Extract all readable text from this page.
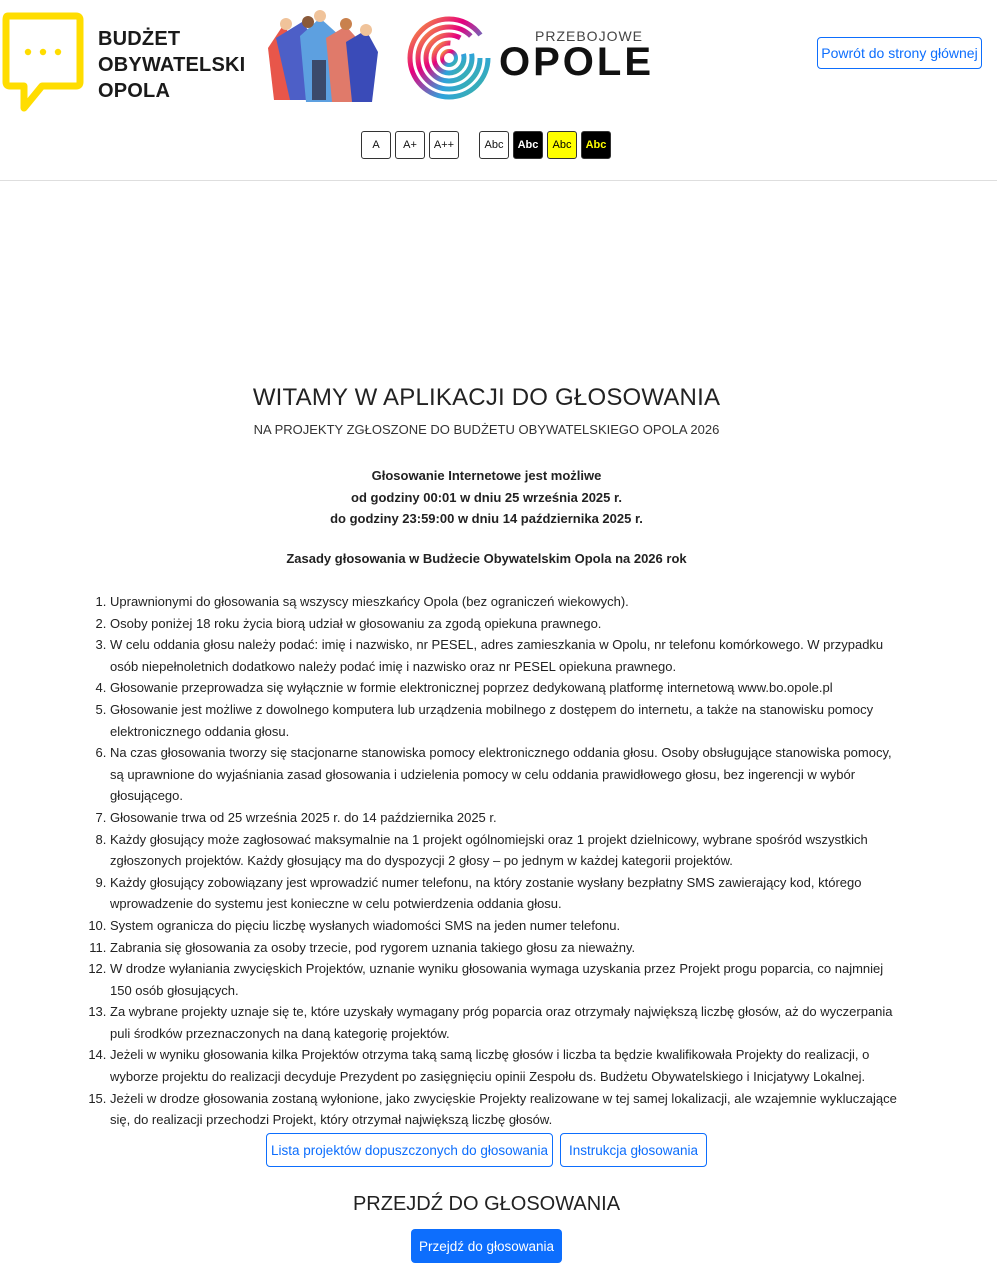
BUDŻET
OBYWATELSKI
OPOLA
PRZEBOJOWE
OPOLE	Powrót do strony głównej
A	A+	A++	Abc	Abc	Abc	Abc
WITAMY W APLIKACJI DO GŁOSOWANIA
NA PROJEKTY ZGŁOSZONE DO BUDŻETU OBYWATELSKIEGO OPOLA 2026
Głosowanie Internetowe jest możliwe
od godziny 00:01 w dniu 25 września 2025 r.
do godziny 23:59:00 w dniu 14 października 2025 r.
Zasady głosowania w Budżecie Obywatelskim Opola na 2026 rok
1. Uprawnionymi do głosowania są wszyscy mieszkańcy Opola (bez ograniczeń wiekowych).
2. Osoby poniżej 18 roku życia biorą udział w głosowaniu za zgodą opiekuna prawnego.
3. W celu oddania głosu należy podać: imię i nazwisko, nr PESEL, adres zamieszkania w Opolu, nr telefonu komórkowego. W przypadku osób niepełnoletnich dodatkowo należy podać imię i nazwisko oraz nr PESEL opiekuna prawnego.
4. Głosowanie przeprowadza się wyłącznie w formie elektronicznej poprzez dedykowaną platformę internetową www.bo.opole.pl
5. Głosowanie jest możliwe z dowolnego komputera lub urządzenia mobilnego z dostępem do internetu, a także na stanowisku pomocy elektronicznego oddania głosu.
6. Na czas głosowania tworzy się stacjonarne stanowiska pomocy elektronicznego oddania głosu. Osoby obsługujące stanowiska pomocy, są uprawnione do wyjaśniania zasad głosowania i udzielenia pomocy w celu oddania prawidłowego głosu, bez ingerencji w wybór głosującego.
7. Głosowanie trwa od 25 września 2025 r. do 14 października 2025 r.
8. Każdy głosujący może zagłosować maksymalnie na 1 projekt ogólnomiejski oraz 1 projekt dzielnicowy, wybrane spośród wszystkich zgłoszonych projektów. Każdy głosujący ma do dyspozycji 2 głosy – po jednym w każdej kategorii projektów.
9. Każdy głosujący zobowiązany jest wprowadzić numer telefonu, na który zostanie wysłany bezpłatny SMS zawierający kod, którego wprowadzenie do systemu jest konieczne w celu potwierdzenia oddania głosu.
10. System ogranicza do pięciu liczbę wysłanych wiadomości SMS na jeden numer telefonu.
11. Zabrania się głosowania za osoby trzecie, pod rygorem uznania takiego głosu za nieważny.
12. W drodze wyłaniania zwycięskich Projektów, uznanie wyniku głosowania wymaga uzyskania przez Projekt progu poparcia, co najmniej 150 osób głosujących.
13. Za wybrane projekty uznaje się te, które uzyskały wymagany próg poparcia oraz otrzymały największą liczbę głosów, aż do wyczerpania puli środków przeznaczonych na daną kategorię projektów.
14. Jeżeli w wyniku głosowania kilka Projektów otrzyma taką samą liczbę głosów i liczba ta będzie kwalifikowała Projekty do realizacji, o wyborze projektu do realizacji decyduje Prezydent po zasięgnięciu opinii Zespołu ds. Budżetu Obywatelskiego i Inicjatywy Lokalnej.
15. Jeżeli w drodze głosowania zostaną wyłonione, jako zwycięskie Projekty realizowane w tej samej lokalizacji, ale wzajemnie wykluczające się, do realizacji przechodzi Projekt, który otrzymał największą liczbę głosów.
Lista projektów dopuszczonych do głosowania	Instrukcja głosowania
PRZEJDŹ DO GŁOSOWANIA
Przejdź do głosowania
